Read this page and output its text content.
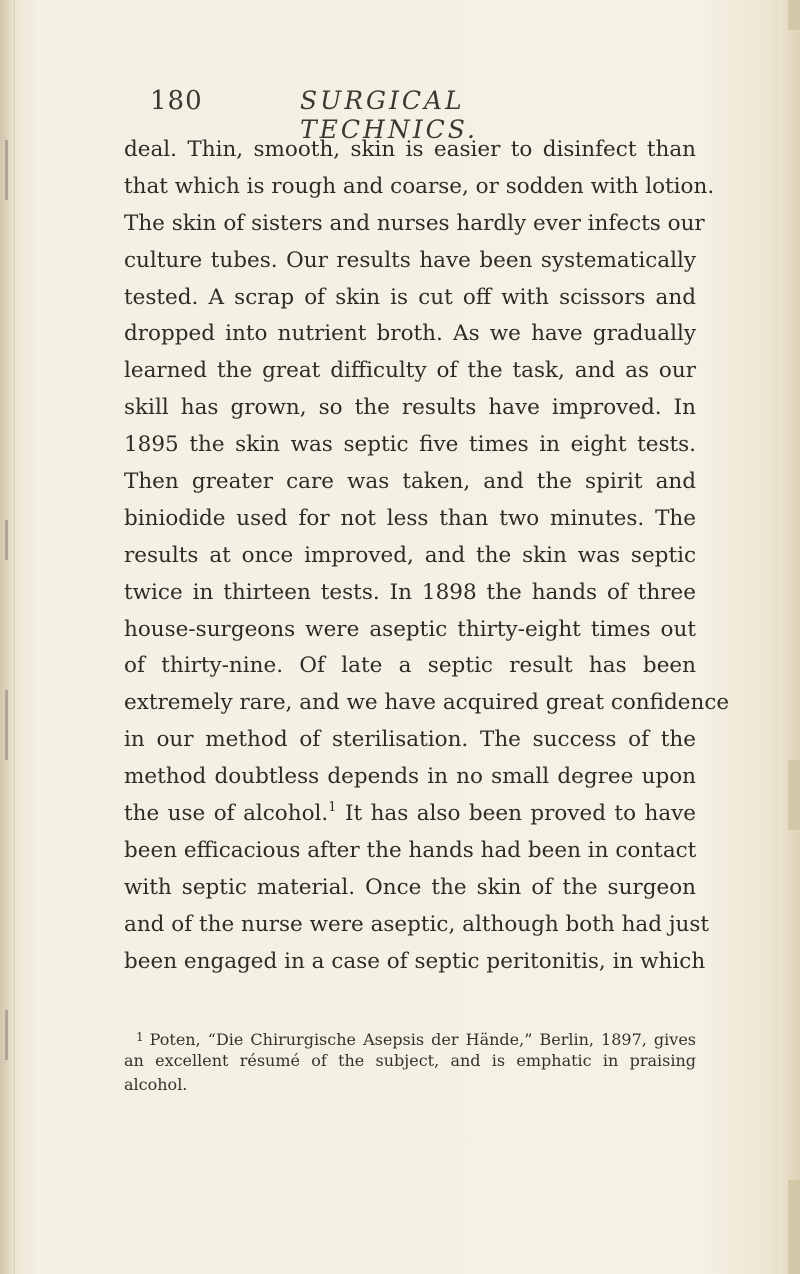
180	SURGICAL TECHNICS.
deal. Thin, smooth, skin is easier to disinfect than
that which is rough and coarse, or sodden with lotion.
The skin of sisters and nurses hardly ever infects our
culture tubes. Our results have been systematically
tested. A scrap of skin is cut off with scissors and
dropped into nutrient broth. As we have gradually
learned the great difficulty of the task, and as our
skill has grown, so the results have improved. In
1895 the skin was septic five times in eight tests.
Then greater care was taken, and the spirit and
biniodide used for not less than two minutes. The
results at once improved, and the skin was septic
twice in thirteen tests. In 1898 the hands of three
house-surgeons were aseptic thirty-eight times out
of thirty-nine. Of late a septic result has been
extremely rare, and we have acquired great confidence
in our method of sterilisation. The success of the
method doubtless depends in no small degree upon
the use of alcohol.$^1$ It has also been proved to have
been efficacious after the hands had been in contact
with septic material. Once the skin of the surgeon
and of the nurse were aseptic, although both had just
been engaged in a case of septic peritonitis, in which
$^1$ Poten, “Die Chirurgische Asepsis der Hände,” Berlin, 1897, gives
an excellent résumé of the subject, and is emphatic in praising
alcohol.
